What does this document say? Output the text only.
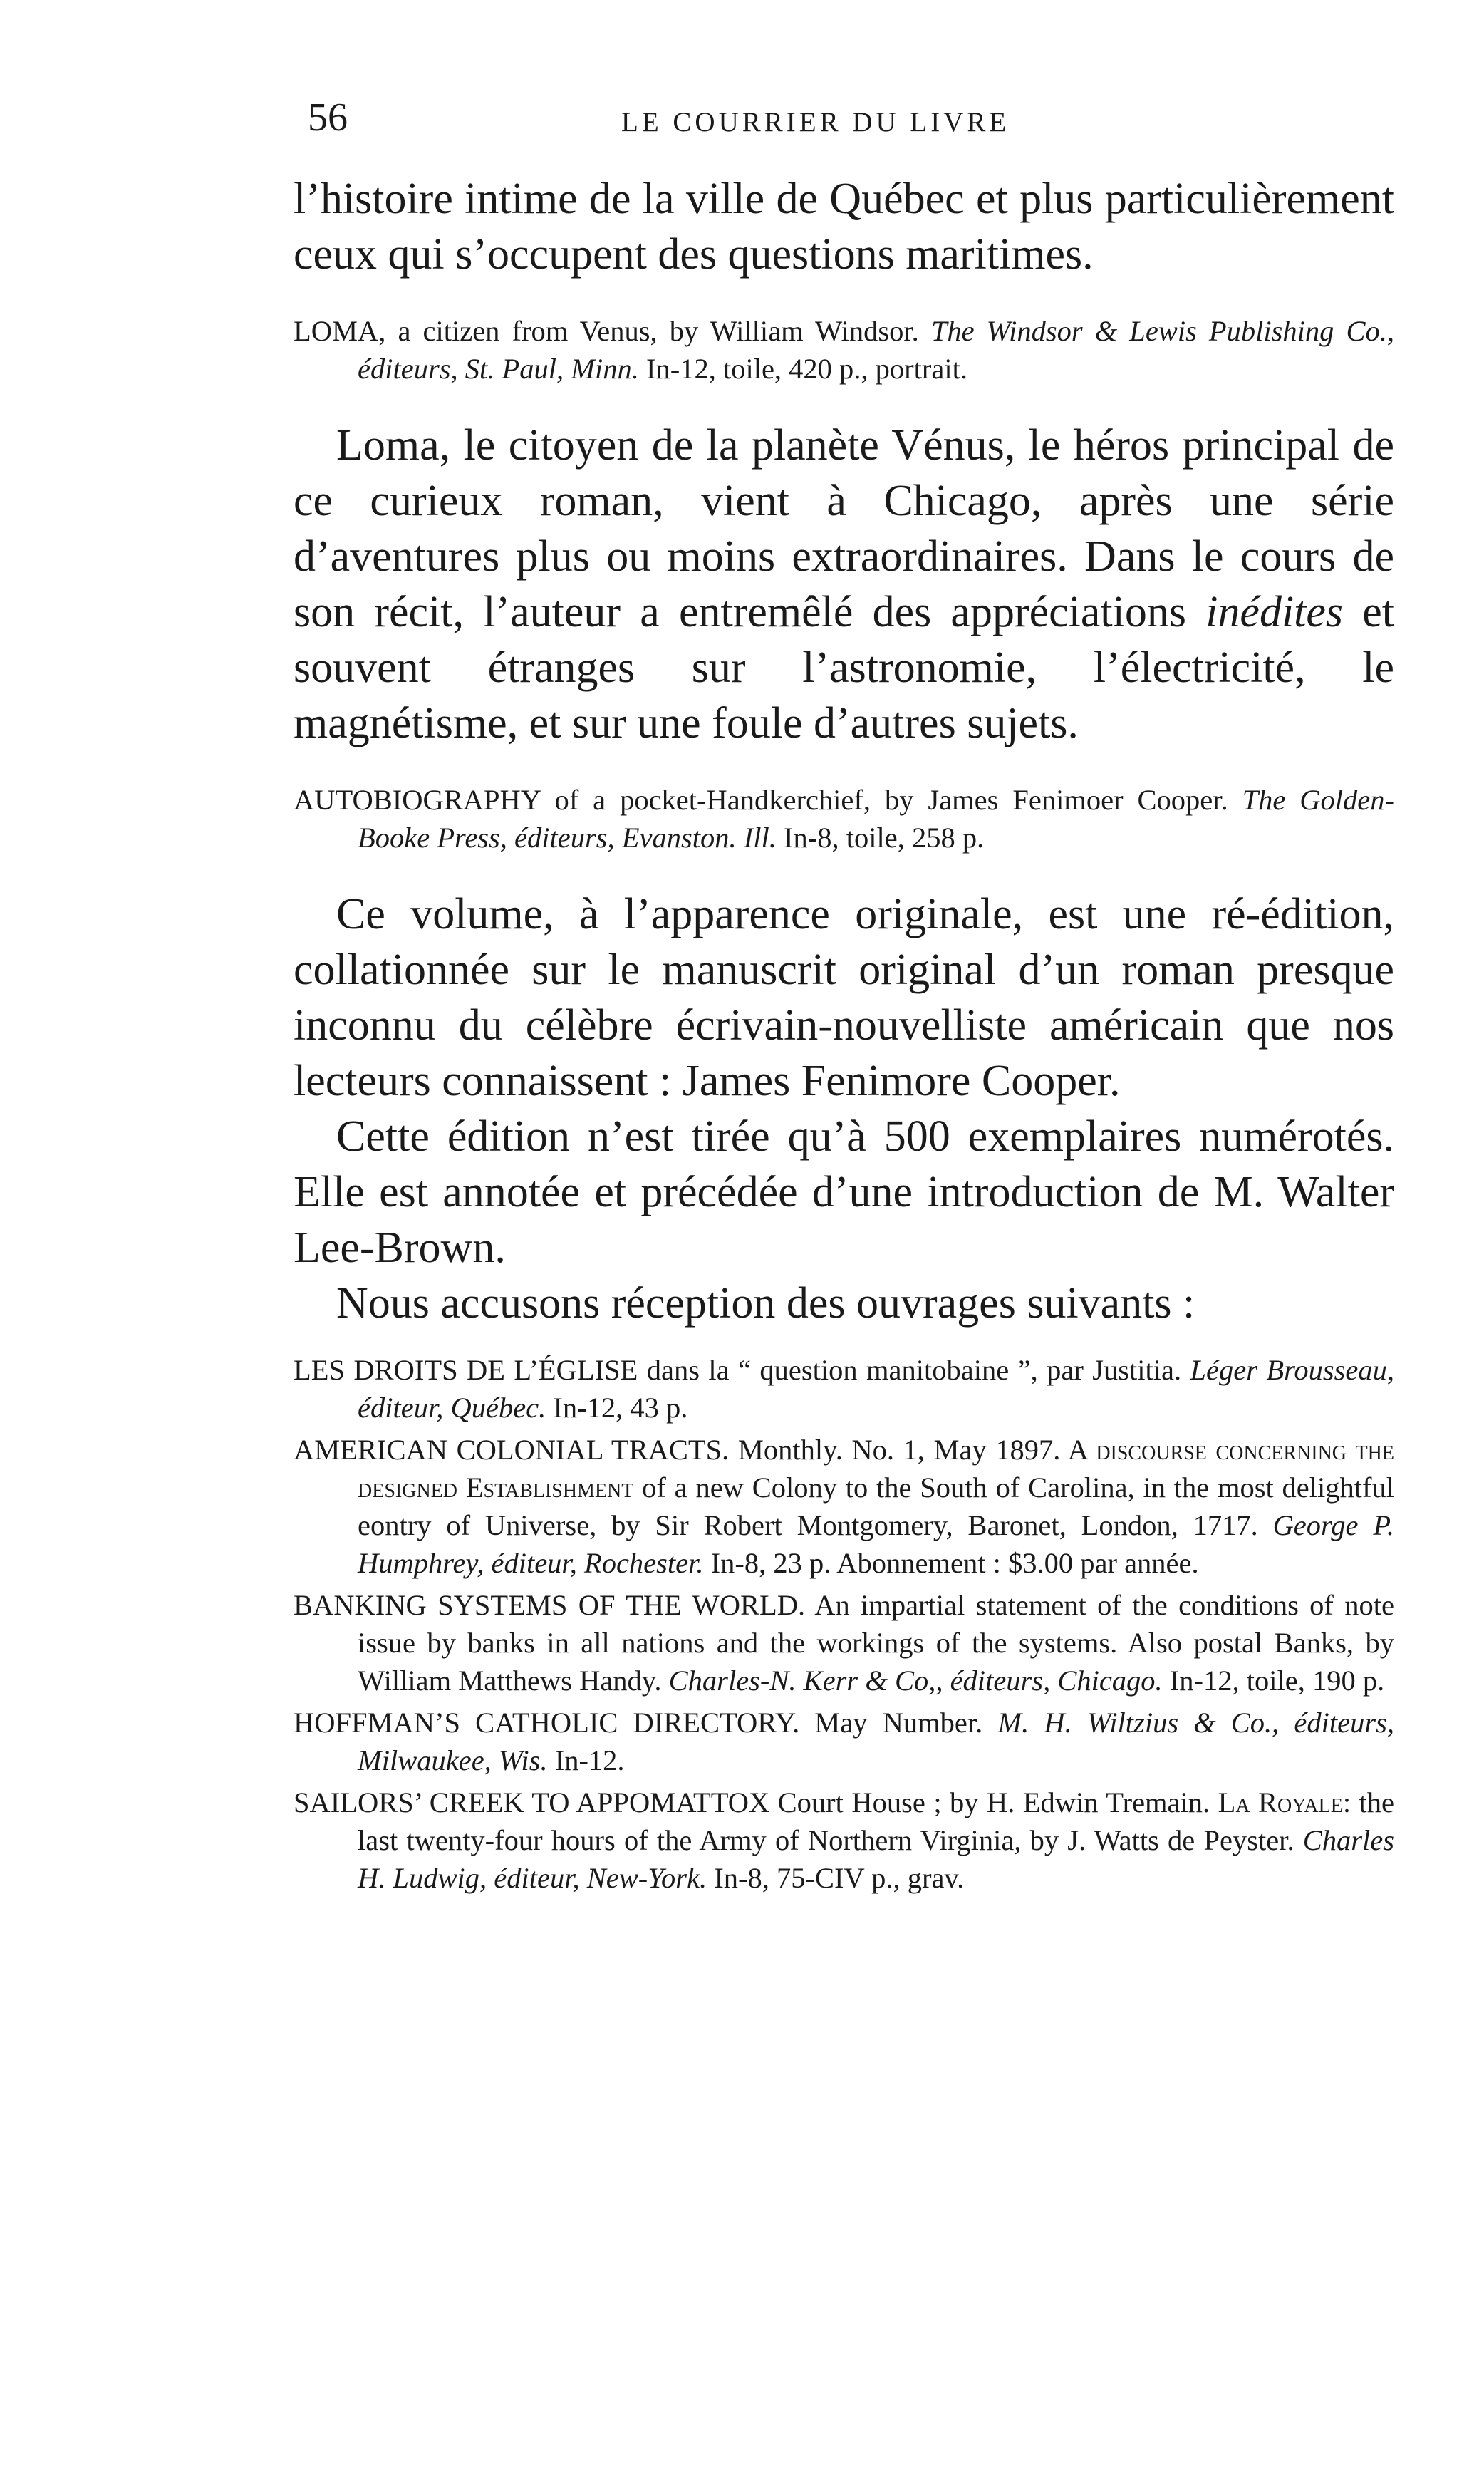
56	LE COURRIER DU LIVRE

l’histoire intime de la ville de Québec et plus particulièrement ceux qui s’occupent des questions maritimes.

LOMA, a citizen from Venus, by William Windsor. The Windsor & Lewis Publishing Co., éditeurs, St. Paul, Minn. In-12, toile, 420 p., portrait.

Loma, le citoyen de la planète Vénus, le héros principal de ce curieux roman, vient à Chicago, après une série d’aventures plus ou moins extraordinaires. Dans le cours de son récit, l’auteur a entremêlé des appréciations inédites et souvent étranges sur l’astronomie, l’électricité, le magnétisme, et sur une foule d’autres sujets.

AUTOBIOGRAPHY of a pocket-Handkerchief, by James Fenimoer Cooper. The Golden-Booke Press, éditeurs, Evanston. Ill. In-8, toile, 258 p.

Ce volume, à l’apparence originale, est une ré-édition, collationnée sur le manuscrit original d’un roman presque inconnu du célèbre écrivain-nouvelliste américain que nos lecteurs connaissent : James Fenimore Cooper.

Cette édition n’est tirée qu’à 500 exemplaires numérotés. Elle est annotée et précédée d’une introduction de M. Walter Lee-Brown.

Nous accusons réception des ouvrages suivants :

LES DROITS DE L’ÉGLISE dans la “ question manitobaine ”, par Justitia. Léger Brousseau, éditeur, Québec. In-12, 43 p.

AMERICAN COLONIAL TRACTS. Monthly. No. 1, May 1897. A discourse concerning the designed Establishment of a new Colony to the South of Carolina, in the most delightful eontry of Universe, by Sir Robert Montgomery, Baronet, London, 1717. George P. Humphrey, éditeur, Rochester. In-8, 23 p. Abonnement : $3.00 par année.

BANKING SYSTEMS OF THE WORLD. An impartial statement of the conditions of note issue by banks in all nations and the workings of the systems. Also postal Banks, by William Matthews Handy. Charles-N. Kerr & Co,, éditeurs, Chicago. In-12, toile, 190 p.

HOFFMAN’S CATHOLIC DIRECTORY. May Number. M. H. Wiltzius & Co., éditeurs, Milwaukee, Wis. In-12.

SAILORS’ CREEK TO APPOMATTOX Court House ; by H. Edwin Tremain. La Royale: the last twenty-four hours of the Army of Northern Virginia, by J. Watts de Peyster. Charles H. Ludwig, éditeur, New-York. In-8, 75-CIV p., grav.
